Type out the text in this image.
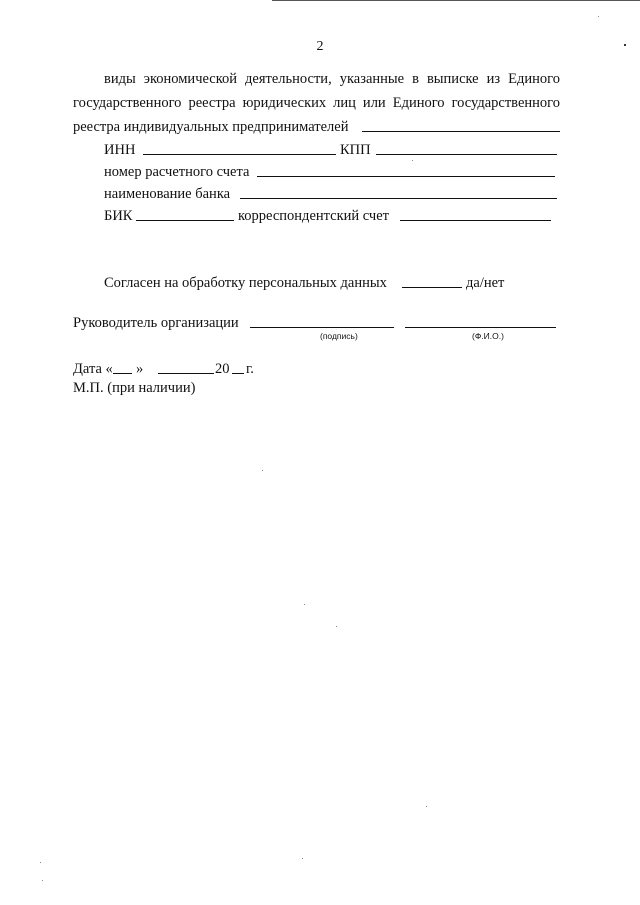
2
виды экономической деятельности, указанные в выписке из Единого
государственного реестра юридических лиц или Единого государственного
реестра индивидуальных предпринимателей
ИНН	КПП
номер расчетного счета
наименование банка
БИК	корреспондентский счет
Согласен на обработку персональных данных	да/нет
Руководитель организации
(подпись)	(Ф.И.О.)
Дата « »	20 г.
М.П. (при наличии)
